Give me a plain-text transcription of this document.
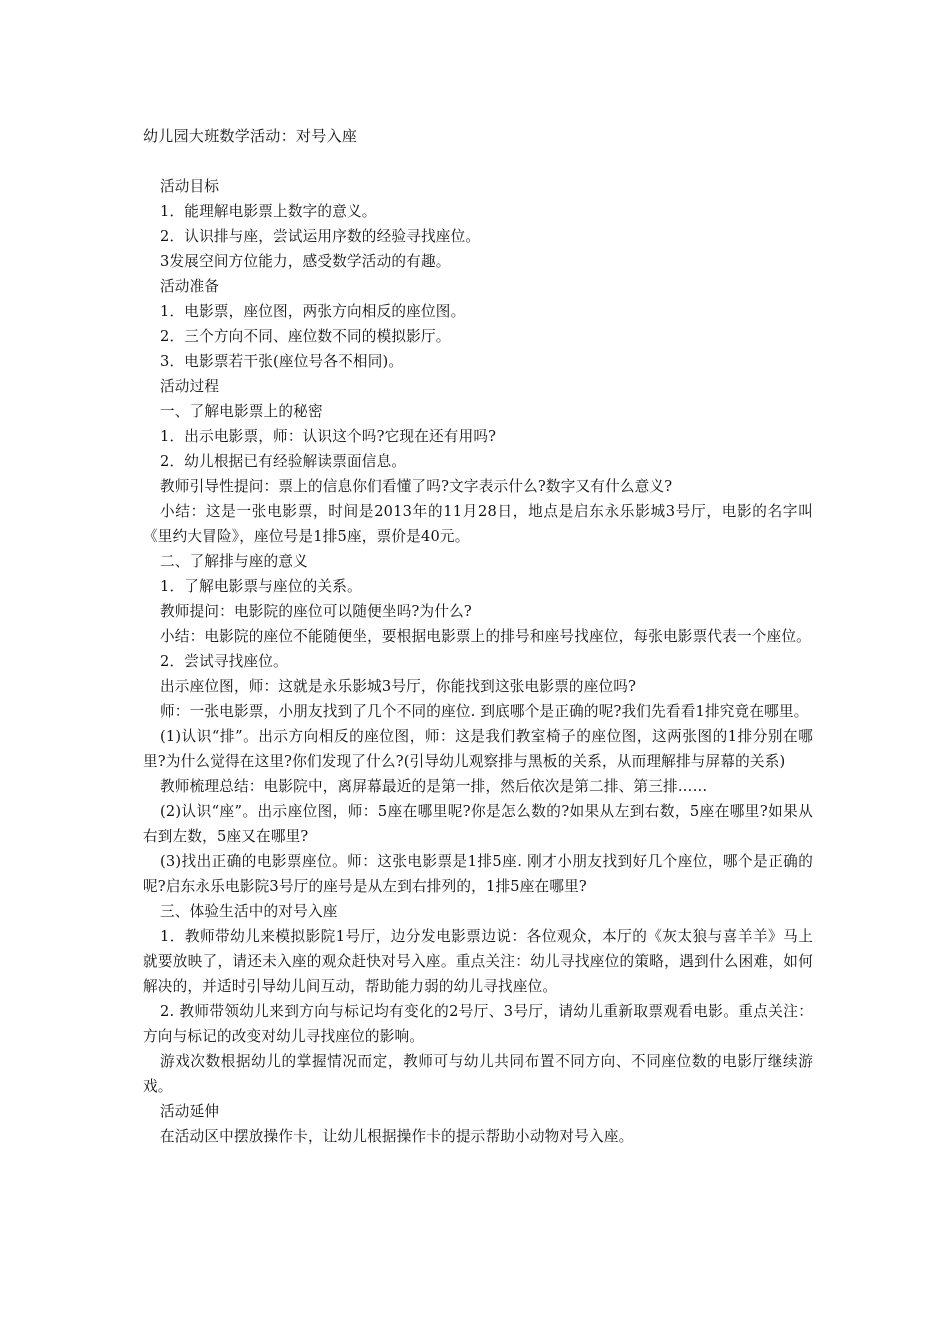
幼儿园大班数学活动：对号入座

活动目标

1．能理解电影票上数字的意义。

2．认识排与座，尝试运用序数的经验寻找座位。

3发展空间方位能力，感受数学活动的有趣。

活动准备

1．电影票，座位图，两张方向相反的座位图。

2．三个方向不同、座位数不同的模拟影厅。

3．电影票若干张(座位号各不相同)。

活动过程

一、了解电影票上的秘密

1．出示电影票，师：认识这个吗?它现在还有用吗?

2．幼儿根据已有经验解读票面信息。

教师引导性提问：票上的信息你们看懂了吗?文字表示什么?数字又有什么意义?

小结：这是一张电影票，时间是2013年的11月28日，地点是启东永乐影城3号厅，电影的名字叫《里约大冒险》，座位号是1排5座，票价是40元。

二、了解排与座的意义

1．了解电影票与座位的关系。

教师提问：电影院的座位可以随便坐吗?为什么?

小结：电影院的座位不能随便坐，要根据电影票上的排号和座号找座位，每张电影票代表一个座位。

2．尝试寻找座位。

出示座位图，师：这就是永乐影城3号厅，你能找到这张电影票的座位吗?

师：一张电影票，小朋友找到了几个不同的座位. 到底哪个是正确的呢?我们先看看1排究竟在哪里。

(1)认识“排”。出示方向相反的座位图，师：这是我们教室椅子的座位图，这两张图的1排分别在哪里?为什么觉得在这里?你们发现了什么?(引导幼儿观察排与黑板的关系，从而理解排与屏幕的关系)

教师梳理总结：电影院中，离屏幕最近的是第一排，然后依次是第二排、第三排……

(2)认识“座”。出示座位图，师：5座在哪里呢?你是怎么数的?如果从左到右数，5座在哪里?如果从右到左数，5座又在哪里?

(3)找出正确的电影票座位。师：这张电影票是1排5座. 刚才小朋友找到好几个座位，哪个是正确的呢?启东永乐电影院3号厅的座号是从左到右排列的，1排5座在哪里?

三、体验生活中的对号入座

1．教师带幼儿来模拟影院1号厅，边分发电影票边说：各位观众，本厅的《灰太狼与喜羊羊》马上就要放映了，请还未入座的观众赶快对号入座。重点关注：幼儿寻找座位的策略，遇到什么困难，如何解决的，并适时引导幼儿间互动，帮助能力弱的幼儿寻找座位。

2. 教师带领幼儿来到方向与标记均有变化的2号厅、3号厅，请幼儿重新取票观看电影。重点关注：方向与标记的改变对幼儿寻找座位的影响。

游戏次数根据幼儿的掌握情况而定，教师可与幼儿共同布置不同方向、不同座位数的电影厅继续游戏。

活动延伸

在活动区中摆放操作卡，让幼儿根据操作卡的提示帮助小动物对号入座。
